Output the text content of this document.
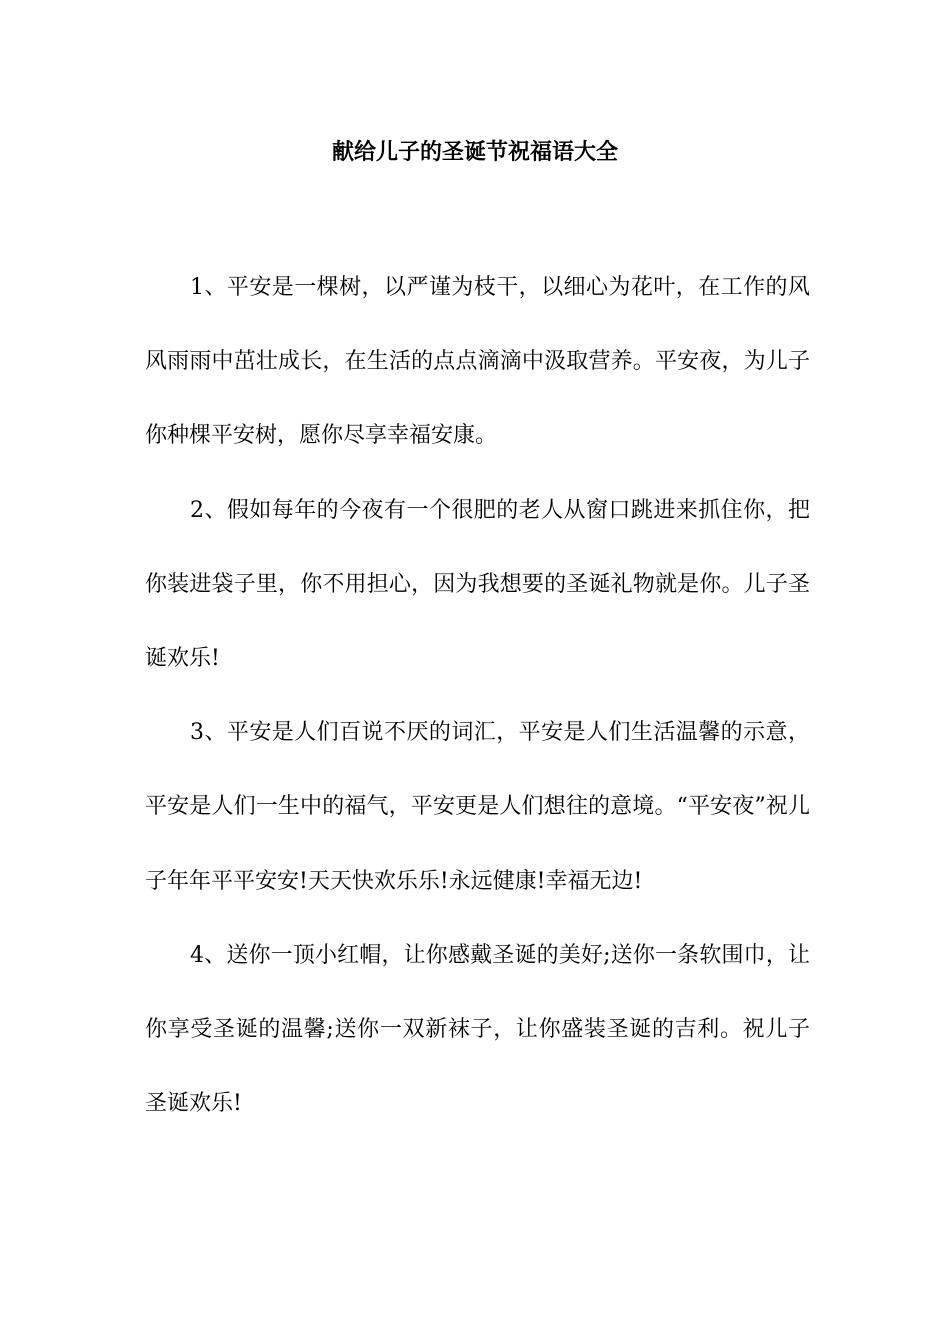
献给儿子的圣诞节祝福语大全

1、平安是一棵树，以严谨为枝干，以细心为花叶，在工作的风风雨雨中茁壮成长，在生活的点点滴滴中汲取营养。平安夜，为儿子你种棵平安树，愿你尽享幸福安康。

2、假如每年的今夜有一个很肥的老人从窗口跳进来抓住你，把你装进袋子里，你不用担心，因为我想要的圣诞礼物就是你。儿子圣诞欢乐!

3、平安是人们百说不厌的词汇，平安是人们生活温馨的示意，平安是人们一生中的福气，平安更是人们想往的意境。“平安夜”祝儿子年年平平安安!天天快欢乐乐!永远健康!幸福无边!

4、送你一顶小红帽，让你感戴圣诞的美好;送你一条软围巾，让你享受圣诞的温馨;送你一双新袜子，让你盛装圣诞的吉利。祝儿子圣诞欢乐!
